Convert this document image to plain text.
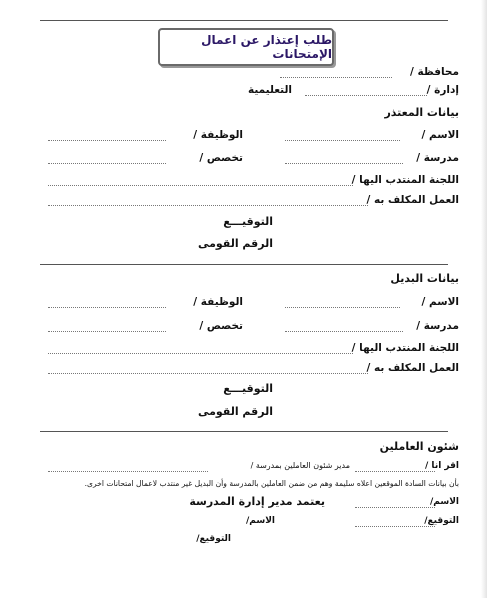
طلب إعتذار عن اعمال الإمتحانات
محافظة /
إدارة /
التعليمية
بيانات المعتذر
الاسم /
الوظيفة /
مدرسة /
تخصص /
اللجنة المنتدب اليها /
العمل المكلف به /
التوقيـــع
الرقم القومى
بيانات البديل
الاسم /
الوظيفة /
مدرسة /
تخصص /
اللجنة المنتدب اليها /
العمل المكلف به /
التوقيـــع
الرقم القومى
شئون العاملين
اقر انا /
مدير شئون العاملين بمدرسة /
بأن بيانات السادة الموقعين اعلاه سليمة وهم من ضمن العاملين بالمدرسة وأن البديل غير منتدب لاعمال امتحانات اخرى.
الاسم/
يعتمد مدير إدارة المدرسة
التوقيع/
الاسم/
التوقيع/
